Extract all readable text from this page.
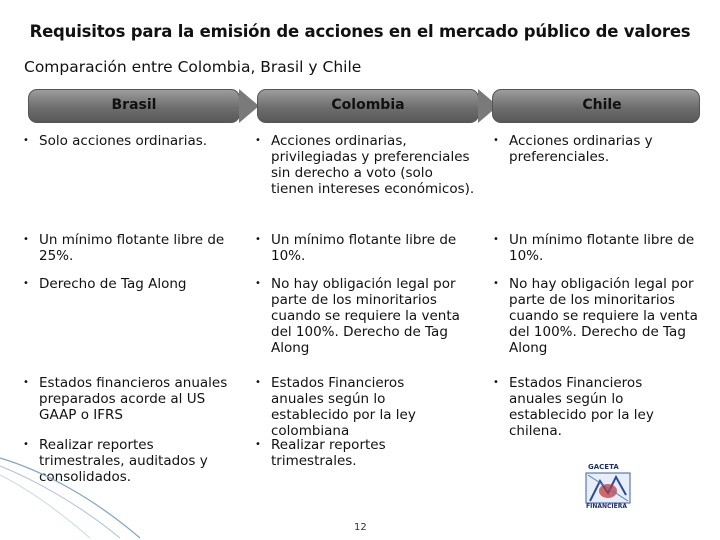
Requisitos para la emisión de acciones en el mercado público de valores
Comparación entre Colombia, Brasil y Chile
Brasil	Colombia	Chile
• Solo acciones ordinarias.
• Un mínimo flotante libre de 25%.
• Derecho de Tag Along
• Estados financieros anuales preparados acorde al US GAAP o IFRS
• Realizar reportes trimestrales, auditados y consolidados.
• Acciones ordinarias, privilegiadas y preferenciales sin derecho a voto (solo tienen intereses económicos).
• Un mínimo flotante libre de 10%.
• No hay obligación legal por parte de los minoritarios cuando se requiere la venta del 100%. Derecho de Tag Along
• Estados Financieros anuales según lo establecido por la ley colombiana
• Realizar reportes trimestrales.
• Acciones ordinarias y preferenciales.
• Un mínimo flotante libre de 10%.
• No hay obligación legal por parte de los minoritarios cuando se requiere la venta del 100%. Derecho de Tag Along
• Estados Financieros anuales según lo establecido por la ley chilena.
GACETA
FINANCIERA
12
